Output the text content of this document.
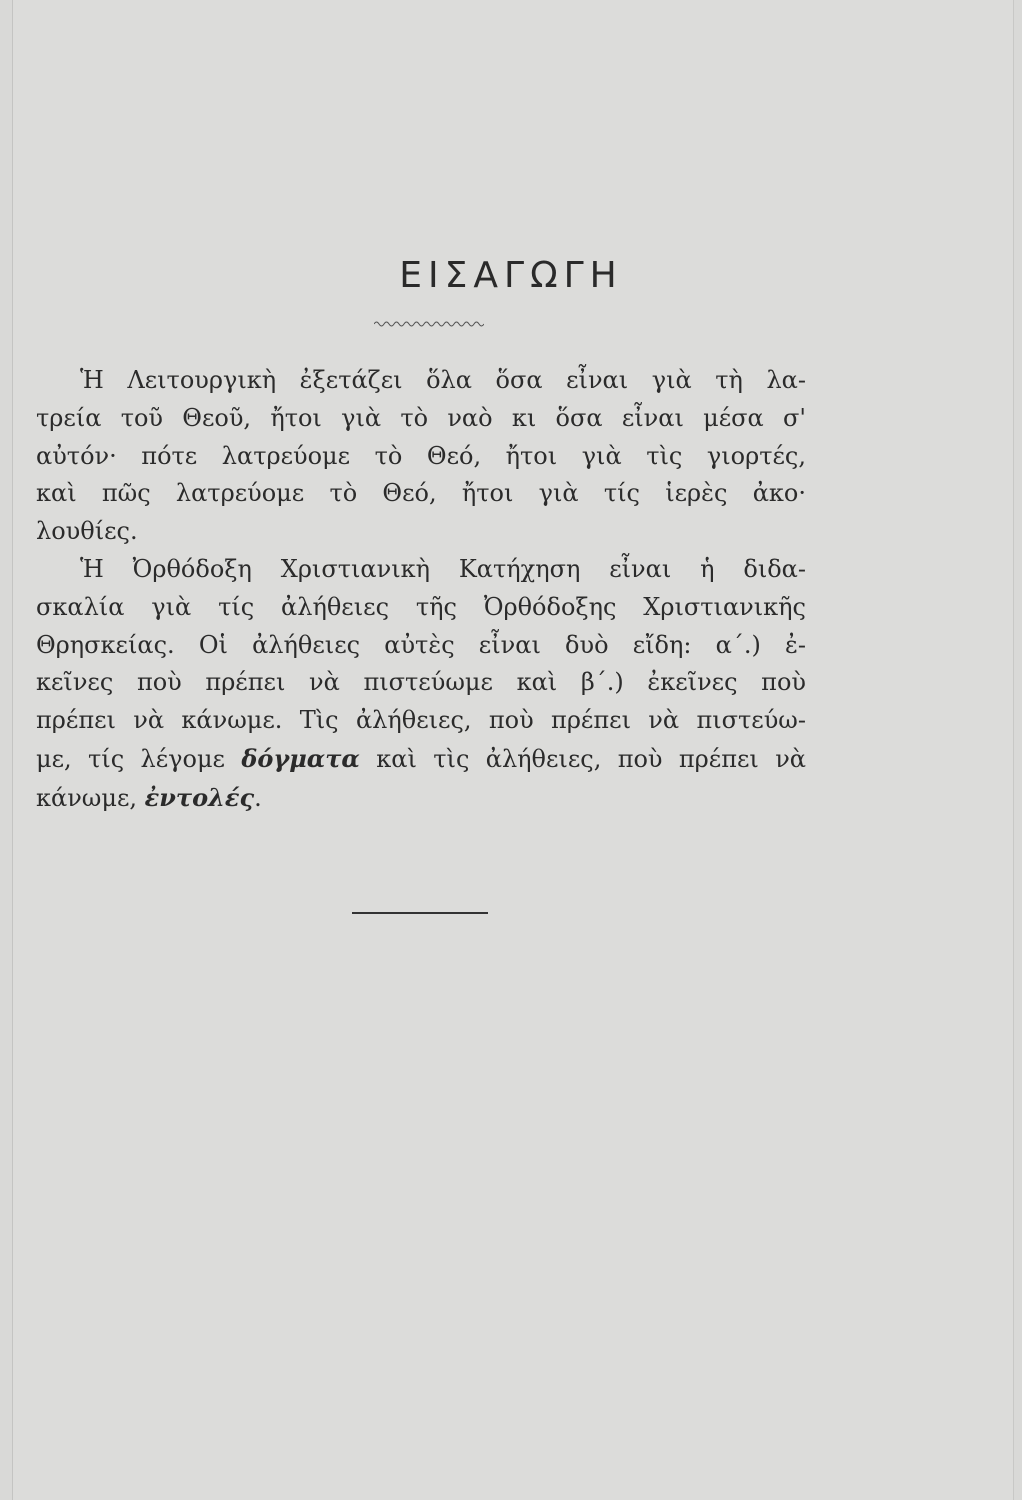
ΕΙΣΑΓΩΓΗ
Ἡ Λειτουργικὴ ἐξετάζει ὅλα ὅσα εἶναι γιὰ τὴ λα-
τρεία τοῦ Θεοῦ, ἤτοι γιὰ τὸ ναὸ κι ὅσα εἶναι μέσα σ'
αὐτόν· πότε λατρεύομε τὸ Θεό, ἤτοι γιὰ τὶς γιορτές,
καὶ πῶς λατρεύομε τὸ Θεό, ἤτοι γιὰ τίς ἱερὲς ἀκο·
λουθίες.
Ἡ Ὀρθόδοξη Χριστιανικὴ Κατήχηση εἶναι ἡ διδα-
σκαλία γιὰ τίς ἀλήθειες τῆς Ὀρθόδοξης Χριστιανικῆς
Θρησκείας. Οἱ ἀλήθειες αὐτὲς εἶναι δυὸ εἴδη: α΄.) ἐ-
κεῖνες ποὺ πρέπει νὰ πιστεύωμε καὶ β΄.) ἐκεῖνες ποὺ
πρέπει νὰ κάνωμε. Τὶς ἀλήθειες, ποὺ πρέπει νὰ πιστεύω-
με, τίς λέγομε δόγματα καὶ τὶς ἀλήθειες, ποὺ πρέπει νὰ
κάνωμε, ἐντολές.
